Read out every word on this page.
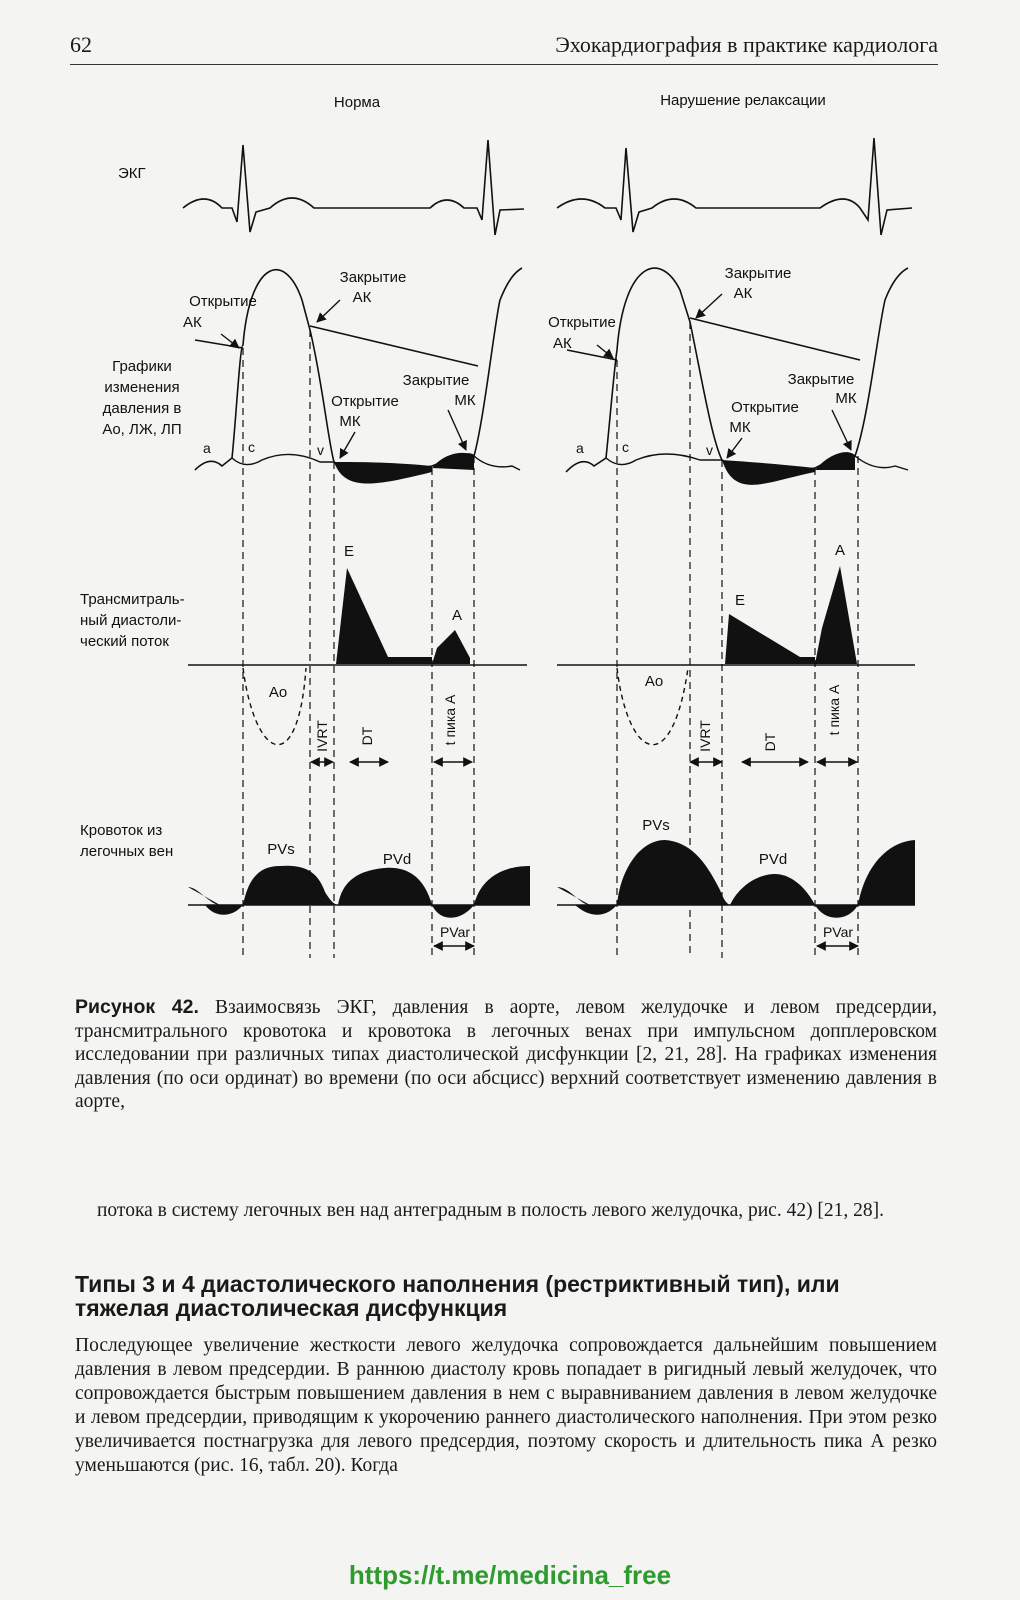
62	Эхокардиография в практике кардиолога
Норма	Нарушение релаксации
ЭКГ
a	c	v
Открытие
АК
Закрытие
АК
Открытие
МК
Закрытие
МК
a	c	v
Открытие
АК
Закрытие
АК
Открытие
МК
Закрытие
МК
Графики
изменения
давления в
Ао, ЛЖ, ЛП
Трансмитраль-
ный диастоли-
ческий поток
Кровоток из
легочных вен
E
A
Ao
E
A
Ao
IVRT DT	t пика А	IVRT	DT
t пика А
PVs
PVd
PVar
PVs
PVd
PVar
Рисунок 42. Взаимосвязь ЭКГ, давления в аорте, левом желудочке и левом предсердии, трансмитрального кровотока и кровотока в легочных венах при импульсном допплеровском исследовании при различных типах диастолической дисфункции [2, 21, 28]. На графиках изменения давления (по оси ординат) во времени (по оси абсцисс) верхний соответствует изменению давления в аорте,
потока в систему легочных вен над антеградным в полость левого желудочка, рис. 42) [21, 28].
Типы 3 и 4 диастолического наполнения (рестриктивный тип), или тяжелая диастолическая дисфункция
Последующее увеличение жесткости левого желудочка сопровождается дальнейшим повышением давления в левом предсердии. В раннюю диастолу кровь попадает в ригидный левый желудочек, что сопровождается быстрым повышением давления в нем с выравниванием давления в левом желудочке и левом предсердии, приводящим к укорочению раннего диастолического наполнения. При этом резко увеличивается постнагрузка для левого предсердия, поэтому скорость и длительность пика А резко уменьшаются (рис. 16, табл. 20). Когда
https://t.me/medicina_free
